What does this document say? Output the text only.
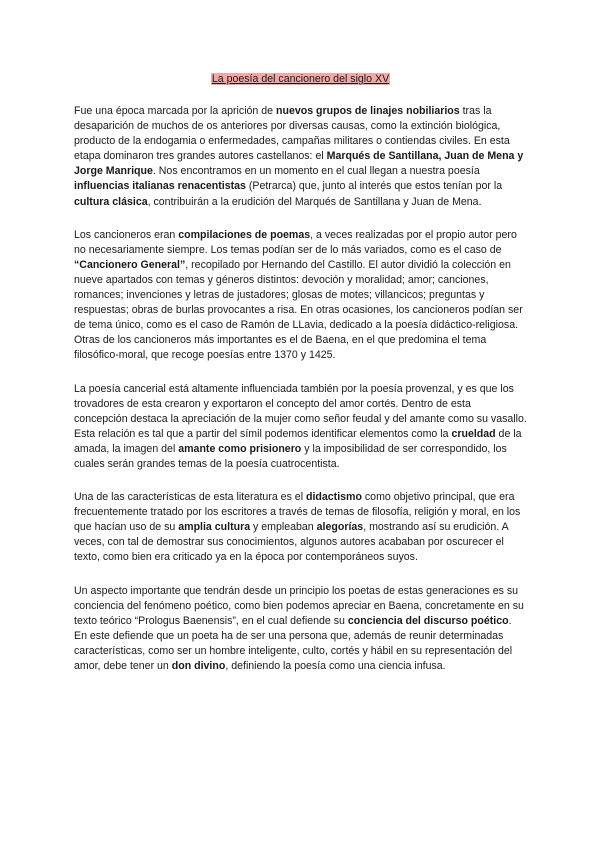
La poesía del cancionero del siglo XV

Fue una época marcada por la aprición de nuevos grupos de linajes nobiliarios tras la desaparición de muchos de os anteriores por diversas causas, como la extinción biológica, producto de la endogamia o enfermedades, campañas militares o contiendas civiles. En esta etapa dominaron tres grandes autores castellanos: el Marqués de Santillana, Juan de Mena y Jorge Manrique. Nos encontramos en un momento en el cual llegan a nuestra poesía influencias italianas renacentistas (Petrarca) que, junto al interés que estos tenían por la cultura clásica, contribuirán a la erudición del Marqués de Santillana y Juan de Mena.

Los cancioneros eran compilaciones de poemas, a veces realizadas por el propio autor pero no necesariamente siempre. Los temas podían ser de lo más variados, como es el caso de “Cancionero General”, recopilado por Hernando del Castillo. El autor dividió la colección en nueve apartados con temas y géneros distintos: devoción y moralidad; amor; canciones, romances; invenciones y letras de justadores; glosas de motes; villancicos; preguntas y respuestas; obras de burlas provocantes a risa. En otras ocasiones, los cancioneros podían ser de tema único, como es el caso de Ramón de LLavia, dedicado a la poesía didáctico-religiosa. Otras de los cancioneros más importantes es el de Baena, en el que predomina el tema filosófico-moral, que recoge poesías entre 1370 y 1425.

La poesía cancerial está altamente influenciada también por la poesía provenzal, y es que los trovadores de esta crearon y exportaron el concepto del amor cortés. Dentro de esta concepción destaca la apreciación de la mujer como señor feudal y del amante como su vasallo. Esta relación es tal que a partir del símil podemos identificar elementos como la crueldad de la amada, la imagen del amante como prisionero y la imposibilidad de ser correspondido, los cuales serán grandes temas de la poesía cuatrocentista.

Una de las características de esta literatura es el didactismo como objetivo principal, que era frecuentemente tratado por los escritores a través de temas de filosofía, religión y moral, en los que hacían uso de su amplia cultura y empleaban alegorías, mostrando así su erudición. A veces, con tal de demostrar sus conocimientos, algunos autores acababan por oscurecer el texto, como bien era criticado ya en la época por contemporáneos suyos.

Un aspecto importante que tendrán desde un principio los poetas de estas generaciones es su conciencia del fenómeno poético, como bien podemos apreciar en Baena, concretamente en su texto teórico “Prologus Baenensis”, en el cual defiende su conciencia del discurso poético. En este defiende que un poeta ha de ser una persona que, además de reunir determinadas características, como ser un hombre inteligente, culto, cortés y hábil en su representación del amor, debe tener un don divino, definiendo la poesía como una ciencia infusa.
